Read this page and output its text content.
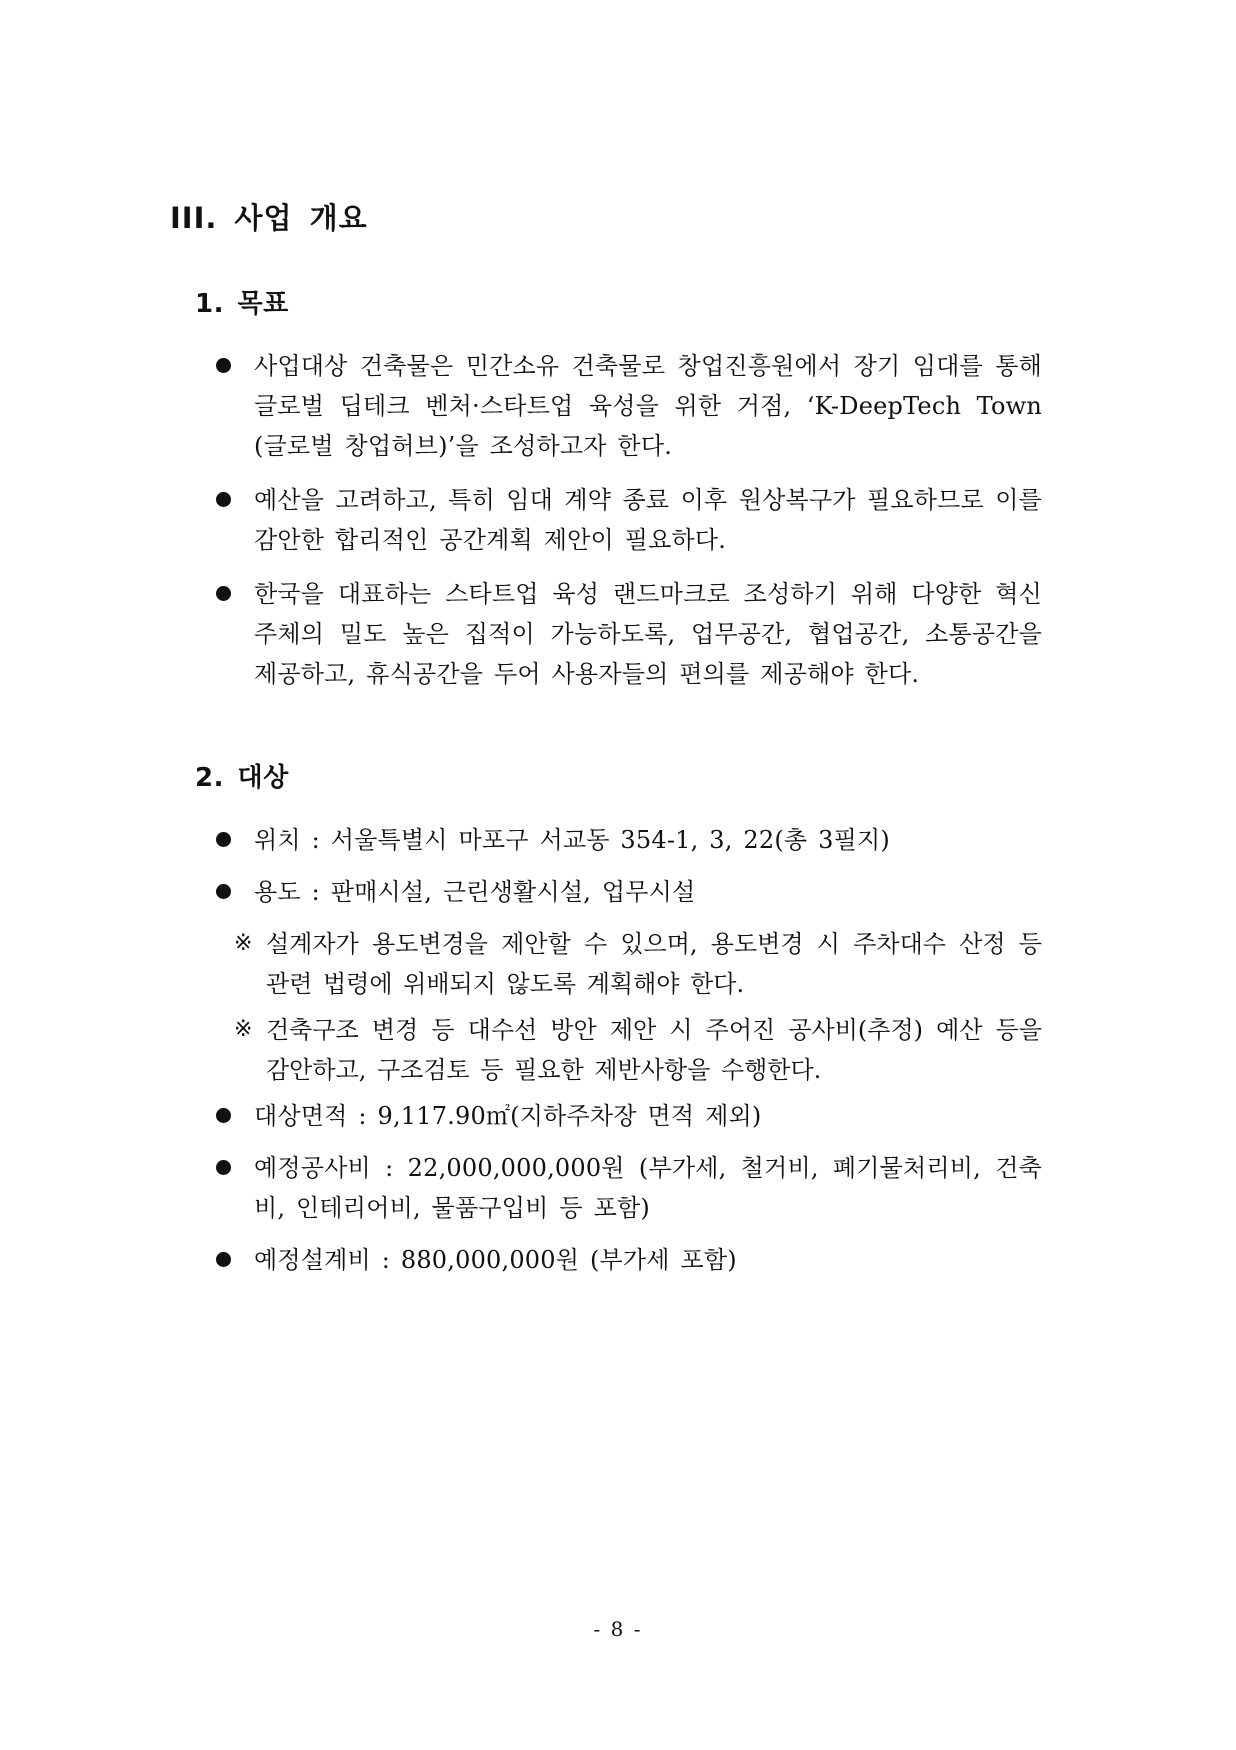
III. 사업 개요
1. 목표
사업대상 건축물은 민간소유 건축물로 창업진흥원에서 장기 임대를 통해 글로벌 딥테크 벤처·스타트업 육성을 위한 거점, ‘K-DeepTech Town (글로벌 창업허브)’을 조성하고자 한다.
예산을 고려하고, 특히 임대 계약 종료 이후 원상복구가 필요하므로 이를 감안한 합리적인 공간계획 제안이 필요하다.
한국을 대표하는 스타트업 육성 랜드마크로 조성하기 위해 다양한 혁신주체의 밀도 높은 집적이 가능하도록, 업무공간, 협업공간, 소통공간을 제공하고, 휴식공간을 두어 사용자들의 편의를 제공해야 한다.
2. 대상
위치 : 서울특별시 마포구 서교동 354-1, 3, 22(총 3필지)
용도 : 판매시설, 근린생활시설, 업무시설
※ 설계자가 용도변경을 제안할 수 있으며, 용도변경 시 주차대수 산정 등 관련 법령에 위배되지 않도록 계획해야 한다.
※ 건축구조 변경 등 대수선 방안 제안 시 주어진 공사비(추정) 예산 등을 감안하고, 구조검토 등 필요한 제반사항을 수행한다.
대상면적 : 9,117.90㎡(지하주차장 면적 제외)
예정공사비 : 22,000,000,000원 (부가세, 철거비, 폐기물처리비, 건축비, 인테리어비, 물품구입비 등 포함)
예정설계비 : 880,000,000원 (부가세 포함)
- 8 -
